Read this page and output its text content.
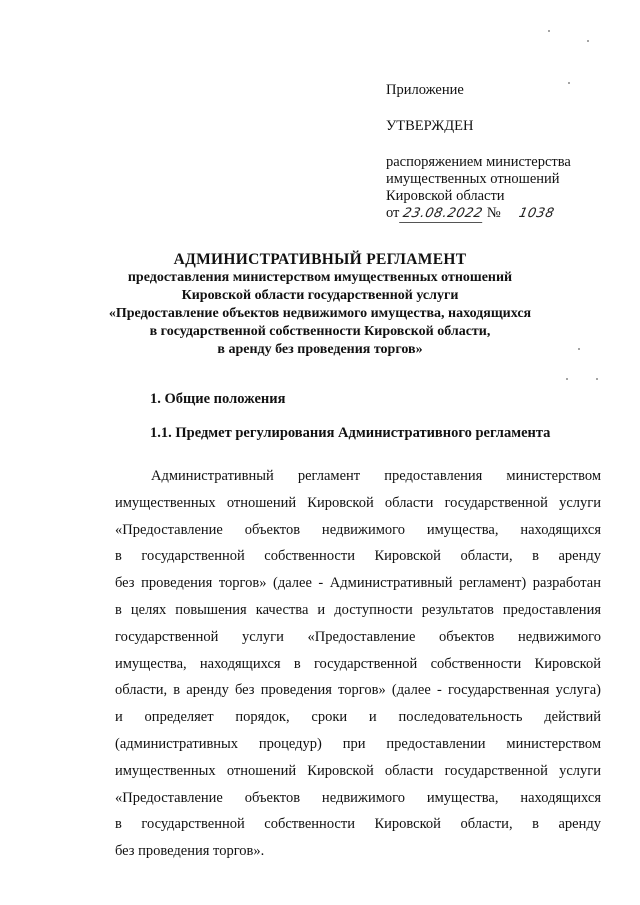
Приложение
УТВЕРЖДЕН
распоряжением министерства
имущественных отношений
Кировской области
от 23.08.2022 № 1038
АДМИНИСТРАТИВНЫЙ РЕГЛАМЕНТ
предоставления министерством имущественных отношений
Кировской области государственной услуги
«Предоставление объектов недвижимого имущества, находящихся
в государственной собственности Кировской области,
в аренду без проведения торгов»
1. Общие положения
1.1. Предмет регулирования Административного регламента
Административный регламент предоставления министерством
имущественных отношений Кировской области государственной услуги
«Предоставление объектов недвижимого имущества, находящихся
в государственной собственности Кировской области, в аренду
без проведения торгов» (далее - Административный регламент) разработан
в целях повышения качества и доступности результатов предоставления
государственной услуги «Предоставление объектов недвижимого
имущества, находящихся в государственной собственности Кировской
области, в аренду без проведения торгов» (далее - государственная услуга)
и определяет порядок, сроки и последовательность действий
(административных процедур) при предоставлении министерством
имущественных отношений Кировской области государственной услуги
«Предоставление объектов недвижимого имущества, находящихся
в государственной собственности Кировской области, в аренду
без проведения торгов».
